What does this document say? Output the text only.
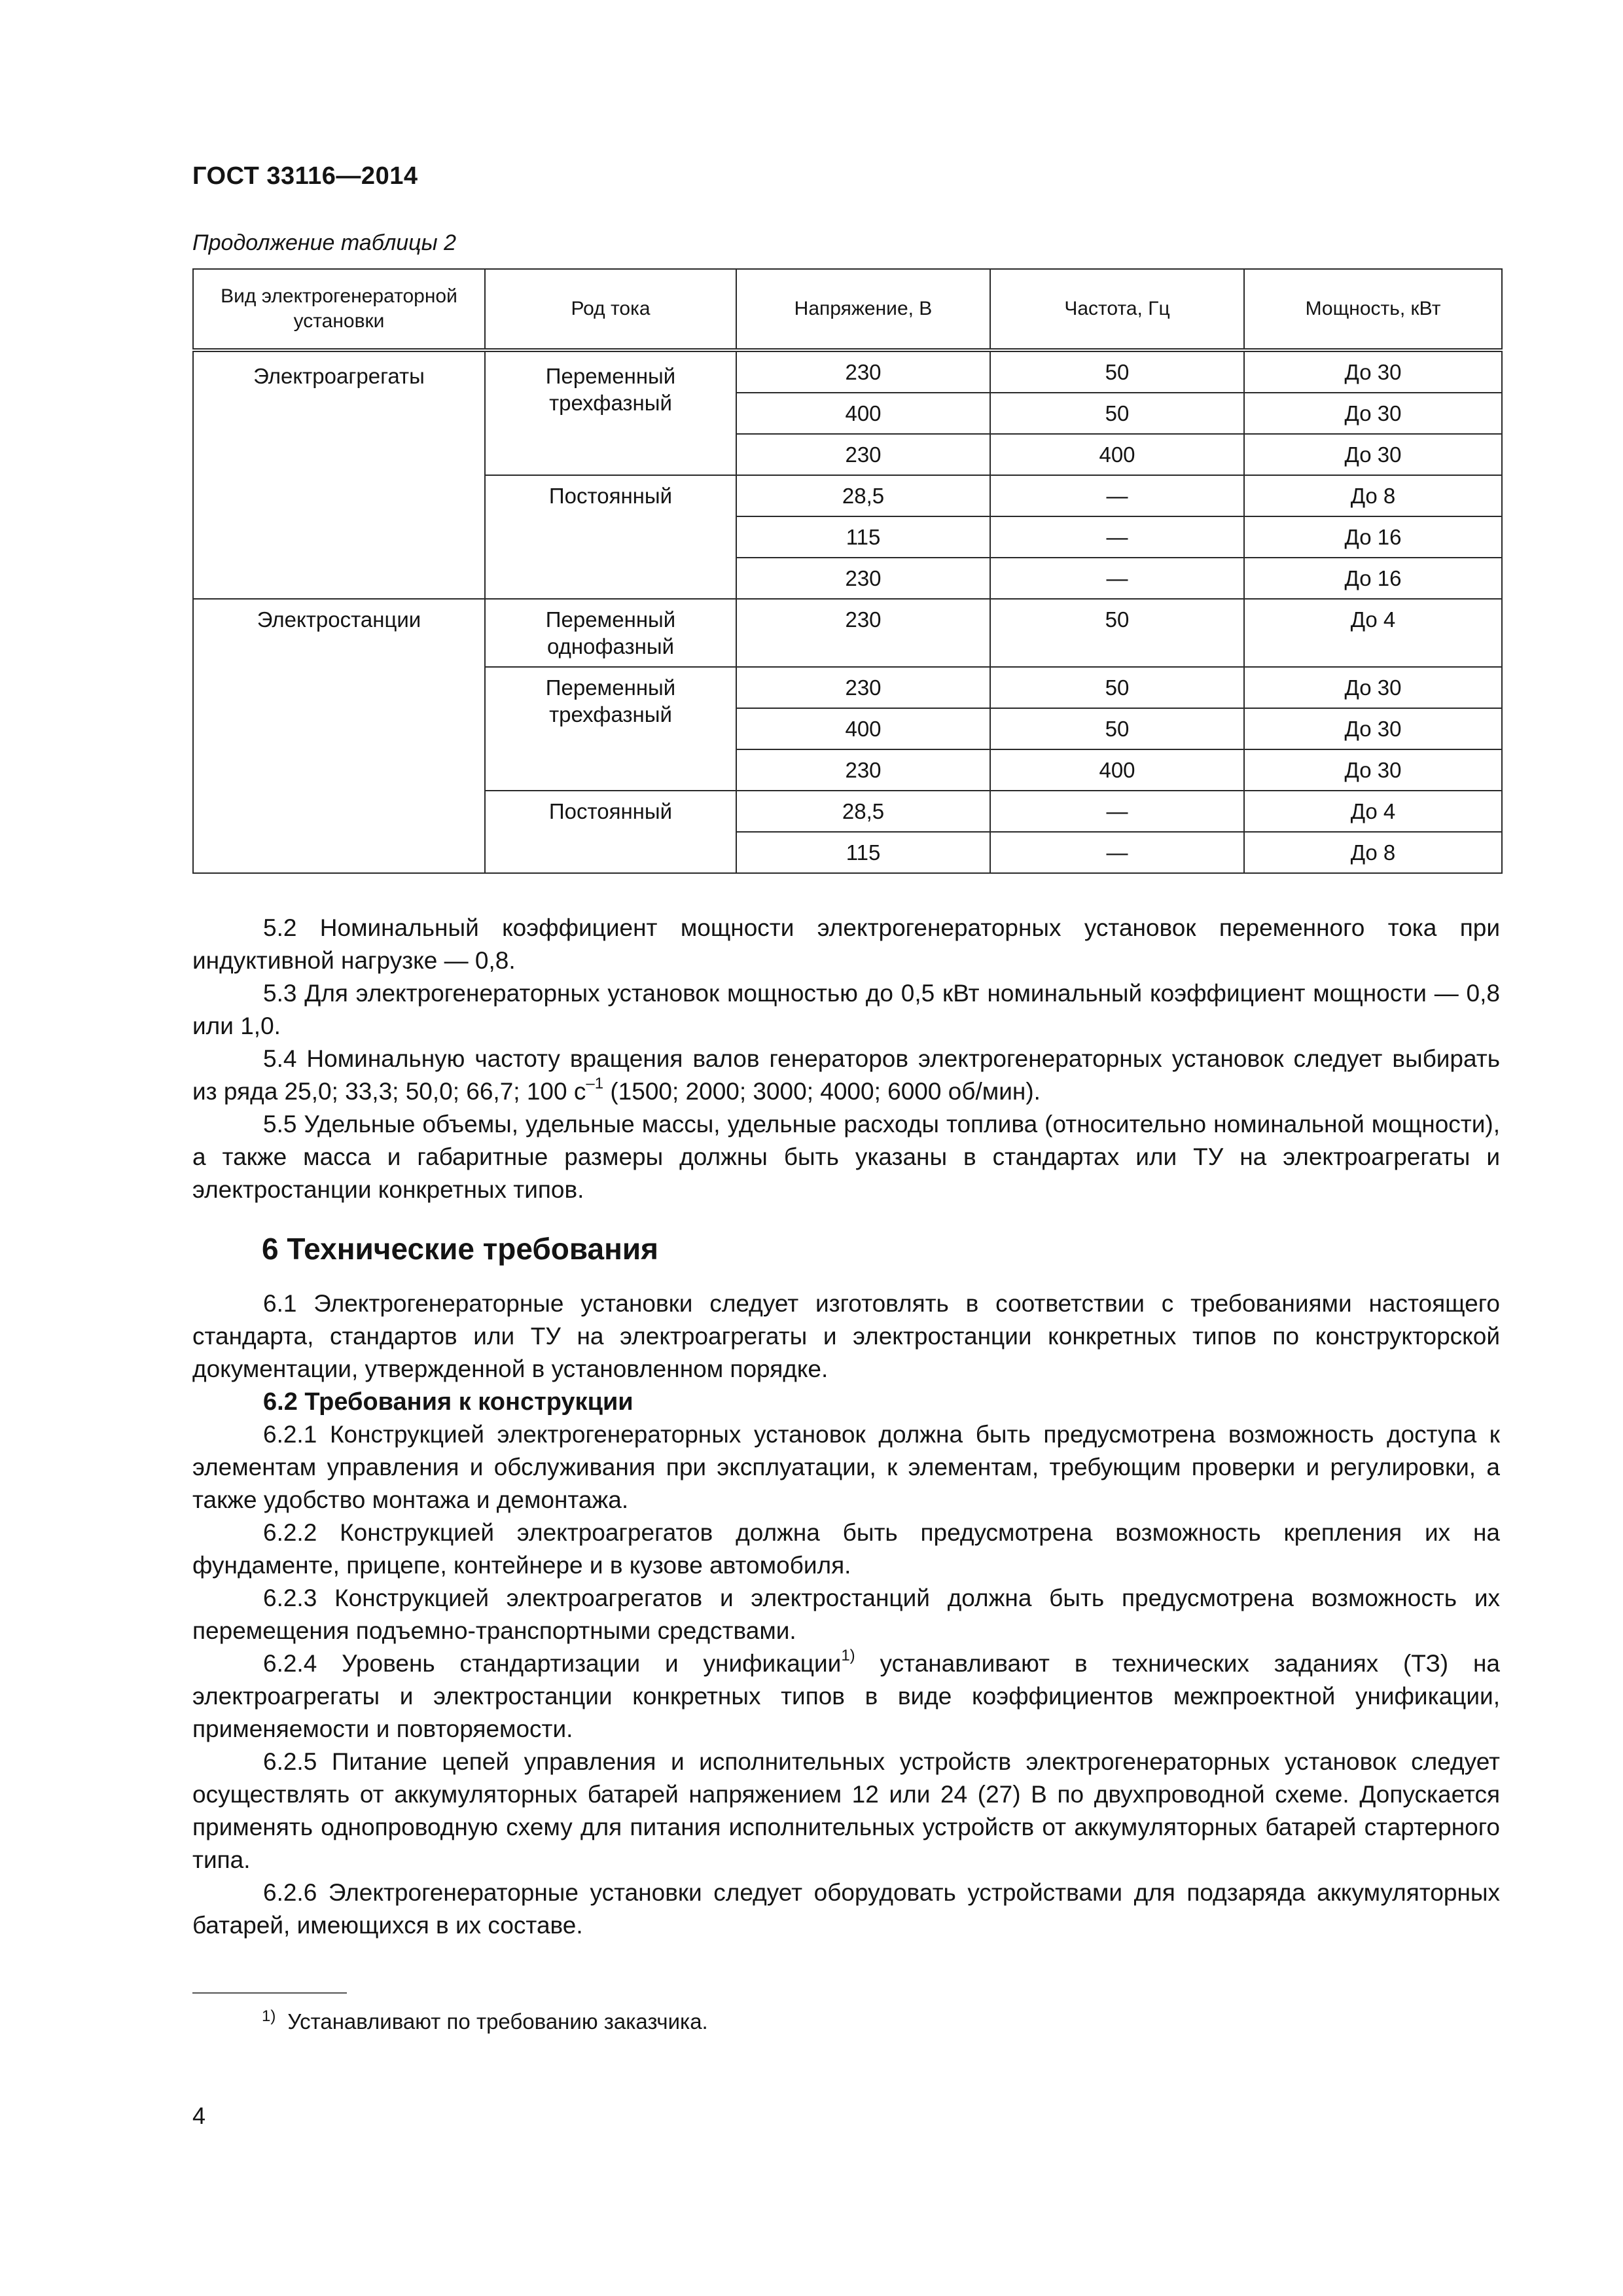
ГОСТ 33116—2014
Продолжение таблицы 2
Вид электрогенераторной установки	Род тока	Напряжение, В	Частота, Гц	Мощность, кВт
Электроагрегаты	Переменный трехфазный	230	50	До 30
		400	50	До 30
		230	400	До 30
	Постоянный	28,5	—	До 8
		115	—	До 16
		230	—	До 16
Электростанции	Переменный однофазный	230	50	До 4
	Переменный трехфазный	230	50	До 30
		400	50	До 30
		230	400	До 30
	Постоянный	28,5	—	До 4
		115	—	До 8

5.2 Номинальный коэффициент мощности электрогенераторных установок переменного тока при индуктивной нагрузке — 0,8.

5.3 Для электрогенераторных установок мощностью до 0,5 кВт номинальный коэффициент мощности — 0,8 или 1,0.

5.4 Номинальную частоту вращения валов генераторов электрогенераторных установок следует выбирать из ряда 25,0; 33,3; 50,0; 66,7; 100 $с^{-1}$ (1500; 2000; 3000; 4000; 6000 об/мин).

5.5 Удельные объемы, удельные массы, удельные расходы топлива (относительно номинальной мощности), а также масса и габаритные размеры должны быть указаны в стандартах или ТУ на электроагрегаты и электростанции конкретных типов.

6 Технические требования

6.1 Электрогенераторные установки следует изготовлять в соответствии с требованиями настоящего стандарта, стандартов или ТУ на электроагрегаты и электростанции конкретных типов по конструкторской документации, утвержденной в установленном порядке.

6.2 Требования к конструкции

6.2.1 Конструкцией электрогенераторных установок должна быть предусмотрена возможность доступа к элементам управления и обслуживания при эксплуатации, к элементам, требующим проверки и регулировки, а также удобство монтажа и демонтажа.

6.2.2 Конструкцией электроагрегатов должна быть предусмотрена возможность крепления их на фундаменте, прицепе, контейнере и в кузове автомобиля.

6.2.3 Конструкцией электроагрегатов и электростанций должна быть предусмотрена возможность их перемещения подъемно-транспортными средствами.

6.2.4 Уровень стандартизации и унификации$^{1)}$ устанавливают в технических заданиях (ТЗ) на электроагрегаты и электростанции конкретных типов в виде коэффициентов межпроектной унификации, применяемости и повторяемости.

6.2.5 Питание цепей управления и исполнительных устройств электрогенераторных установок следует осуществлять от аккумуляторных батарей напряжением 12 или 24 (27) В по двухпроводной схеме. Допускается применять однопроводную схему для питания исполнительных устройств от аккумуляторных батарей стартерного типа.

6.2.6 Электрогенераторные установки следует оборудовать устройствами для подзаряда аккумуляторных батарей, имеющихся в их составе.

$^{1)}$ Устанавливают по требованию заказчика.
4
